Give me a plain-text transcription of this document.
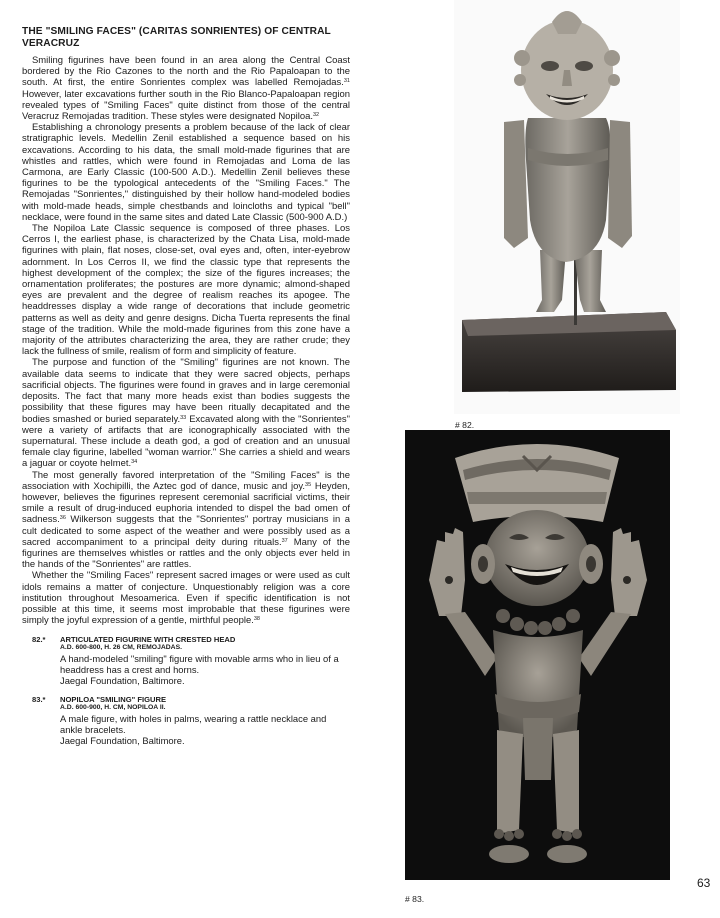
THE "SMILING FACES" (CARITAS SONRIENTES) OF CENTRAL VERACRUZ

Smiling figurines have been found in an area along the Central Coast bordered by the Rio Cazones to the north and the Rio Papaloapan to the south. At first, the entire Sonrientes complex was labelled Remojadas.$^{31}$ However, later excavations further south in the Rio Blanco-Papaloapan region revealed types of "Smiling Faces" quite distinct from those of the central Veracruz Remojadas tradition. These styles were designated Nopiloa.$^{32}$

Establishing a chronology presents a problem because of the lack of clear stratigraphic levels. Medellin Zenil established a sequence based on his excavations. According to his data, the small mold-made figurines that are whistles and rattles, which were found in Remojadas and Loma de las Carmona, are Early Classic (100-500 A.D.). Medellin Zenil believes these figurines to be the typological antecedents of the "Smiling Faces." The Remojadas "Sonrientes," distinguished by their hollow hand-modeled bodies with mold-made heads, simple chestbands and loincloths and typical "bell" necklace, were found in the same sites and dated Late Classic (500-900 A.D.)

The Nopiloa Late Classic sequence is composed of three phases. Los Cerros I, the earliest phase, is characterized by the Chata Lisa, mold-made figurines with plain, flat noses, close-set, oval eyes and, often, inter-eyebrow adornment. In Los Cerros II, we find the classic type that represents the highest development of the complex; the size of the figures increases; the ornamentation proliferates; the postures are more dynamic; almond-shaped eyes are prevalent and the degree of realism reaches its apogee. The headdresses display a wide range of decorations that include geometric patterns as well as deity and genre designs. Dicha Tuerta represents the final stage of the tradition. While the mold-made figurines from this zone have a majority of the attributes characterizing the area, they are rather crude; they lack the fullness of smile, realism of form and simplicity of feature.

The purpose and function of the "Smiling" figurines are not known. The available data seems to indicate that they were sacred objects, perhaps sacrificial objects. The figurines were found in graves and in large ceremonial deposits. The fact that many more heads exist than bodies suggests the possibility that these figures may have been ritually decapitated and the bodies smashed or buried separately.$^{33}$ Excavated along with the "Sonrientes" were a variety of artifacts that are iconographically associated with the supernatural. These include a death god, a god of creation and an unusual female clay figurine, labelled "woman warrior." She carries a shield and wears a jaguar or coyote helmet.$^{34}$

The most generally favored interpretation of the "Smiling Faces" is the association with Xochipilli, the Aztec god of dance, music and joy.$^{35}$ Heyden, however, believes the figurines represent ceremonial sacrificial victims, their smile a result of drug-induced euphoria intended to dispel the bad omen of sadness.$^{36}$ Wilkerson suggests that the "Sonrientes" portray musicians in a cult dedicated to some aspect of the weather and were possibly used as a sacred accompaniment to a principal deity during rituals.$^{37}$ Many of the figurines are themselves whistles or rattles and the only objects ever held in the hands of the "Sonrientes" are rattles.

Whether the "Smiling Faces" represent sacred images or were used as cult idols remains a matter of conjecture. Unquestionably religion was a core institution throughout Mesoamerica. Even if specific identification is not possible at this time, it seems most improbable that these figurines were simply the joyful expression of a gentle, mirthful people.$^{38}$

82.* ARTICULATED FIGURINE WITH CRESTED HEAD
A.D. 600-800, H. 26 CM, REMOJADAS.
A hand-modeled "smiling" figure with movable arms who in lieu of a headdress has a crest and horns.
Jaegal Foundation, Baltimore.
83.* NOPILOA "SMILING" FIGURE
A.D. 600-900, H. CM, NOPILOA II.
A male figure, with holes in palms, wearing a rattle necklace and ankle bracelets.
Jaegal Foundation, Baltimore.
# 82.
# 83.
63
